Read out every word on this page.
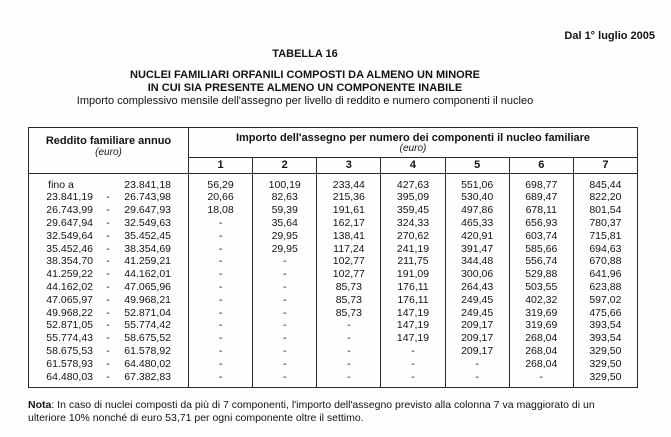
Dal 1° luglio 2005
TABELLA 16
NUCLEI FAMILIARI ORFANILI COMPOSTI DA ALMENO UN MINORE
IN CUI SIA PRESENTE ALMENO UN COMPONENTE INABILE
Importo complessivo mensile dell'assegno per livello di reddito e numero componenti il nucleo
Reddito familiare annuo
(euro)
Importo dell'assegno per numero dei componenti il nucleo familiare
(euro)
1	2	3	4	5	6	7
fino a	23.841,18	56,29	100,19	233,44	427,63	551,06	698,77	845,44
23.841,19	-	26.743,98	20,66	82,63	215,36	395,09	530,40	689,47	822,20
26.743,99	-	29.647,93	18,08	59,39	191,61	359,45	497,86	678,11	801,54
29.647,94	-	32.549,63	-	35,64	162,17	324,33	465,33	656,93	780,37
32.549,64	-	35.452,45	-	29,95	138,41	270,62	420,91	603,74	715,81
35.452,46	-	38.354,69	-	29,95	117,24	241,19	391,47	585,66	694,63
38.354,70	-	41.259,21	-	-	102,77	211,75	344,48	556,74	670,88
41.259,22	-	44.162,01	-	-	102,77	191,09	300,06	529,88	641,96
44.162,02	-	47.065,96	-	-	85,73	176,11	264,43	503,55	623,88
47.065,97	-	49.968,21	-	-	85,73	176,11	249,45	402,32	597,02
49.968,22	-	52.871,04	-	-	85,73	147,19	249,45	319,69	475,66
52.871,05	-	55.774,42	-	-	-	147,19	209,17	319,69	393,54
55.774,43	-	58.675,52	-	-	-	147,19	209,17	268,04	393,54
58.675,53	-	61.578,92	-	-	-	-	209,17	268,04	329,50
61.578,93	-	64.480,02	-	-	-	-	-	268,04	329,50
64.480,03	-	67.382,83	-	-	-	-	-	-	329,50
Nota: In caso di nuclei composti da più di 7 componenti, l'importo dell'assegno previsto alla colonna 7 va maggiorato di un ulteriore 10% nonché di euro 53,71 per ogni componente oltre il settimo.
